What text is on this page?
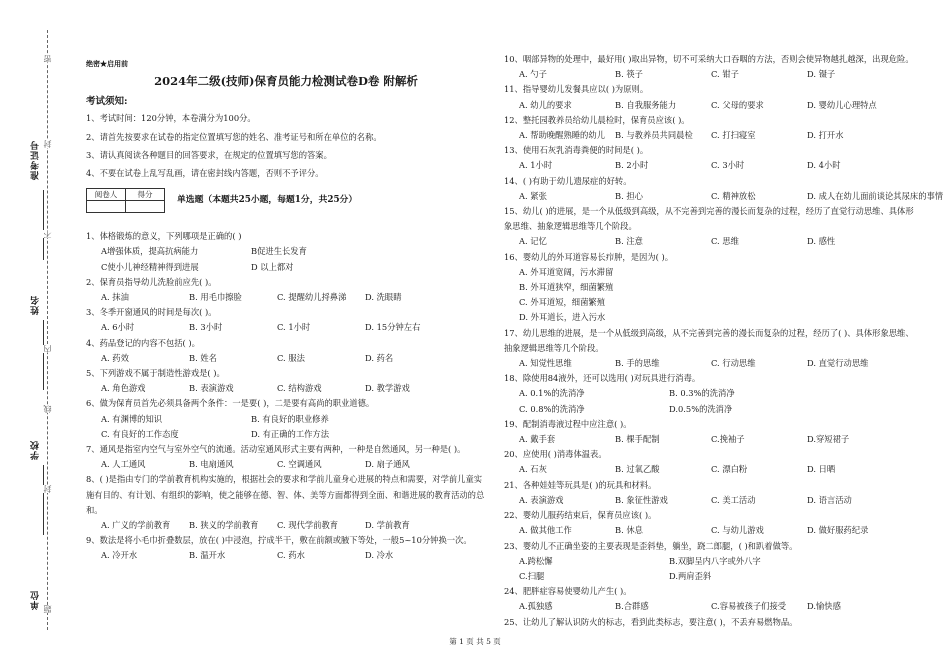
准考证号
姓名
学校
单位
密
封
不
内
线
封
题
绝密★启用前
2024年二级(技师)保育员能力检测试卷D卷 附解析
考试须知:
1、考试时间：120分钟，本卷满分为100分。
2、请首先按要求在试卷的指定位置填写您的姓名、准考证号和所在单位的名称。
3、请认真阅读各种题目的回答要求，在规定的位置填写您的答案。
4、不要在试卷上乱写乱画，请在密封线内答题，否则不予评分。
阅卷人	得分

单选题（本题共25小题，每题1分，共25分）
1、体格锻炼的意义，下列哪项是正确的( )
A增强体质，提高抗病能力	B促进生长发育
C使小儿神经精神得到进展	D 以上都对
2、保育员指导幼儿洗脸前应先( )。
A. 抹油	B. 用毛巾擦脸	C. 提醒幼儿捋鼻涕	D. 洗眼睛
3、冬季开窗通风的时间是每次( )。
A. 6小时	B. 3小时	C. 1小时	D. 15分钟左右
4、药品登记的内容不包括( )。
A. 药效	B. 姓名	C. 服法	D. 药名
5、下列游戏不属于制造性游戏是( )。
A. 角色游戏	B. 表演游戏	C. 结构游戏	D. 教学游戏
6、做为保育员首先必须具备两个条件：一是要( )，二是要有高尚的职业道德。
A. 有渊博的知识	B. 有良好的职业修养
C. 有良好的工作态度	D. 有正确的工作方法
7、通风是指室内空气与室外空气的流通。活动室通风形式主要有两种，一种是自然通风，另一种是( )。
A. 人工通风	B. 电扇通风	C. 空调通风	D. 扇子通风
8、( )是指由专门的学前教育机构实施的，根据社会的要求和学前儿童身心进展的特点和需要，对学前儿童实施有目的、有计划、有组织的影响，使之能够在德、智、体、美等方面都得到全面、和谐进展的教育活动的总和。
A. 广义的学前教育	B. 狭义的学前教育	C. 现代学前教育	D. 学前教育
9、数法是将小毛巾折叠数层，放在( )中浸泡，拧成半干，敷在前额或腋下等处，一般5~10分钟换一次。
A. 冷开水	B. 温开水	C. 药水	D. 冷水
10、咽部异物的处理中，最好用( )取出异物，切不可采纳大口吞咽的方法，否则会使异物越扎越深，出现危险。
A. 勺子	B. 筷子	C. 钳子	D. 镊子
11、指导婴幼儿发餐具应以( )为原则。
A. 幼儿的要求	B. 自我服务能力	C. 父母的要求	D. 婴幼儿心理特点
12、整托园教养员给幼儿晨检时，保育员应该( )。
A. 帮助晚醒熟睡的幼儿	B. 与教养员共同晨检	C. 打扫寝室	D. 打开水
13、使用石灰乳消毒粪便的时间是( )。
A. 1小时	B. 2小时	C. 3小时	D. 4小时
14、( )有助于幼儿遗尿症的好转。
A. 紧张	B. 担心	C. 精神放松	D. 成人在幼儿面前谈论其尿床的事情
15、幼儿( )的进展，是一个从低级到高级，从不完善到完善的漫长而复杂的过程，经历了直觉行动思维、具体形象思维、抽象逻辑思维等几个阶段。
A. 记忆	B. 注意	C. 思维	D. 感性
16、婴幼儿的外耳道容易长疖肿，是因为( )。
A. 外耳道宽阔，污水滞留
B. 外耳道狭窄，细菌繁殖
C. 外耳道短，细菌繁殖
D. 外耳道长，进入污水
17、幼儿思维的进展，是一个从低级到高级，从不完善到完善的漫长而复杂的过程，经历了( )、具体形象思维、抽象逻辑思维等几个阶段。
A. 知觉性思维	B. 手的思维	C. 行动思维	D. 直觉行动思维
18、除使用84液外，还可以选用( )对玩具进行消毒。
A. 0.1%的洗消净	B. 0.3%的洗消净
C. 0.8%的洗消净	D.0.5%的洗消净
19、配制消毒液过程中应注意( )。
A. 戴手套	B. 棵手配制	C.挽袖子	D.穿短裙子
20、应使用( )消毒体温表。
A. 石灰	B. 过氧乙酸	C. 漂白粉	D. 日晒
21、各种娃娃等玩具是( )的玩具和材料。
A. 表演游戏	B. 象征性游戏	C. 美工活动	D. 语言活动
22、婴幼儿服药结束后，保育员应该( )。
A. 做其他工作	B. 休息	C. 与幼儿游戏	D. 做好服药纪录
23、婴幼儿不正确坐姿的主要表现是歪斜垫，躺坐，跷二郎腿，( )和趴着做等。
A.跨松懈	B.双脚呈内八字或外八字
C.扫腿	D.两肩歪斜
24、肥胖症容易使婴幼儿产生( )。
A.孤独感	B.合群感	C.容易被孩子们接受	D.愉快感
25、让幼儿了解认识防火的标志，看到此类标志，要注意( )，不丢弃易燃物品。
第 1 页 共 5 页
